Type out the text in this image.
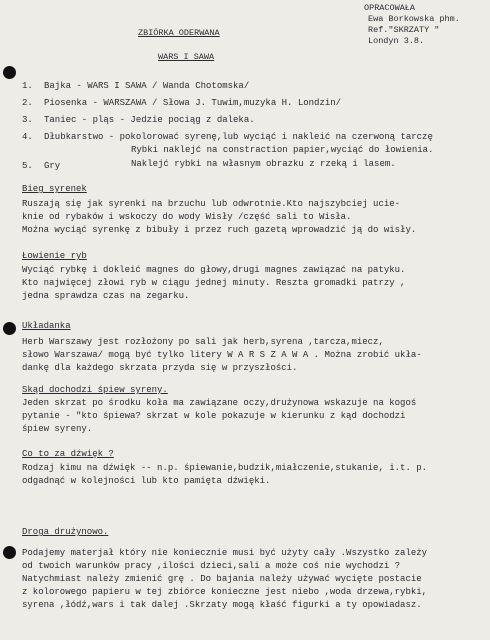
OPRACOWAŁA
Ewa Borkowska phm.
Ref."SKRZATY "
Londyn 3.8.
ZBIÓRKA ODERWANA
WARS I SAWA
1. Bajka - WARS I SAWA / Wanda Chotomska/
2. Piosenka - WARSZAWA / Słowa J. Tuwim,muzyka H. Londzin/
3. Taniec - pląs - Jedzie pociąg z daleka.
4. Dłubkarstwo - pokolorować syrenę,lub wyciąć i nakleić na czerwoną tarczę
Rybki naklejć na constraction papier,wyciąć do łowienia.
5. Gry	Naklejć rybki na własnym obrazku z rzeką i lasem.
Bieg syrenek
Ruszają się jak syrenki na brzuchu lub odwrotnie.Kto najszybciej ucie-
knie od rybaków i wskoczy do wody Wisły /część sali to Wisła.
Można wyciąć syrenkę z bibuły i przez ruch gazetą wprowadzić ją do wisły.
Łowienie ryb
Wyciąć rybkę i dokleić magnes do głowy,drugi magnes zawiązać na patyku.
Kto najwięcej złowi ryb w ciągu jednej minuty. Reszta gromadki patrzy ,
jedna sprawdza czas na zegarku.
Układanka
Herb Warszawy jest rozłożony po sali jak herb,syrena ,tarcza,miecz,
słowo Warszawa/ mogą być tylko litery W A R S Z A W A . Można zrobić ukła-
dankę dla każdego skrzata przyda się w przyszłości.
Skąd dochodzi śpiew syreny.
Jeden skrzat po środku koła ma zawiązane oczy,drużynowa wskazuje na kogoś
pytanie - "kto śpiewa? skrzat w kole pokazuje w kierunku z kąd dochodzi
śpiew syreny.
Co to za dźwięk ?
Rodzaj kimu na dźwięk -- n.p. śpiewanie,budzik,miałczenie,stukanie, i.t. p.
odgadnąć w kolejności lub kto pamięta dźwięki.
Droga drużynowo.
Podajemy materjał który nie koniecznie musi być użyty cały .Wszystko zależy
od twoich warunków pracy ,ilości dzieci,sali a może coś nie wychodzi ?
Natychmiast należy zmienić grę . Do bajania należy używać wycięte postacie
z kolorowego papieru w tej zbiórce konieczne jest niebo ,woda drzewa,rybki,
syrena ,łódź,wars i tak dalej .Skrzaty mogą kłaść figurki a ty opowiadasz.
